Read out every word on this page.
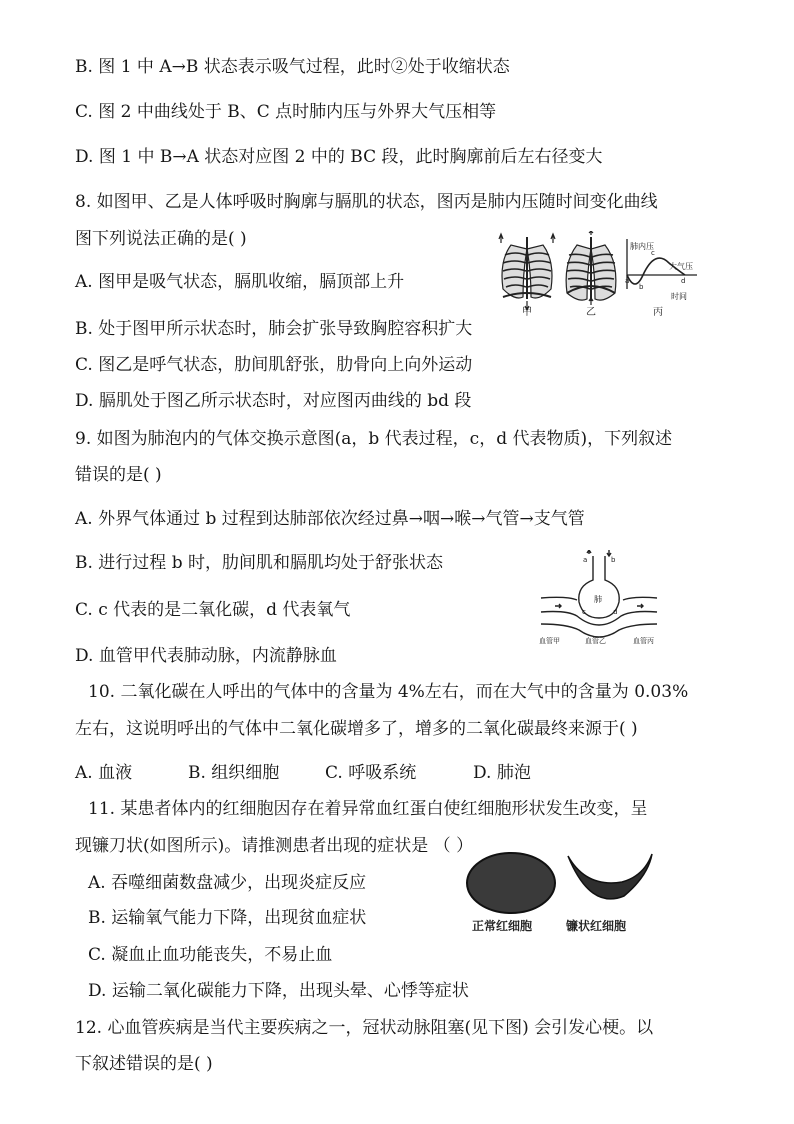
B. 图 1 中 A→B 状态表示吸气过程，此时②处于收缩状态
C. 图 2 中曲线处于 B、C 点时肺内压与外界大气压相等
D. 图 1 中 B→A 状态对应图 2 中的 BC 段，此时胸廓前后左右径变大
8. 如图甲、乙是人体呼吸时胸廓与膈肌的状态，图丙是肺内压随时间变化曲线
图下列说法正确的是( )
A. 图甲是吸气状态，膈肌收缩，膈顶部上升
B. 处于图甲所示状态时，肺会扩张导致胸腔容积扩大
C. 图乙是呼气状态，肋间肌舒张，肋骨向上向外运动
D. 膈肌处于图乙所示状态时，对应图丙曲线的 bd 段
肺内压
大气压
时间
a
b
c
d
甲	乙	丙
9. 如图为肺泡内的气体交换示意图(a，b 代表过程，c，d 代表物质)，下列叙述
错误的是( )
A. 外界气体通过 b 过程到达肺部依次经过鼻→咽→喉→气管→支气管
B. 进行过程 b 时，肋间肌和膈肌均处于舒张状态
C. c 代表的是二氧化碳，d 代表氧气
D. 血管甲代表肺动脉，内流静脉血
肺
c	d
a	b
血管甲	血管乙	血管丙
10. 二氧化碳在人呼出的气体中的含量为 4%左右，而在大气中的含量为 0.03%
左右，这说明呼出的气体中二氧化碳增多了，增多的二氧化碳最终来源于( )
A. 血液	B. 组织细胞	C. 呼吸系统	D. 肺泡
11. 某患者体内的红细胞因存在着异常血红蛋白使红细胞形状发生改变，呈
现镰刀状(如图所示)。请推测患者出现的症状是 （ ）
A. 吞噬细菌数盘减少，出现炎症反应
B. 运输氧气能力下降，出现贫血症状
C. 凝血止血功能丧失，不易止血
D. 运输二氧化碳能力下降，出现头晕、心悸等症状
正常红细胞	镰状红细胞
12. 心血管疾病是当代主要疾病之一，冠状动脉阻塞(见下图) 会引发心梗。以
下叙述错误的是( )
